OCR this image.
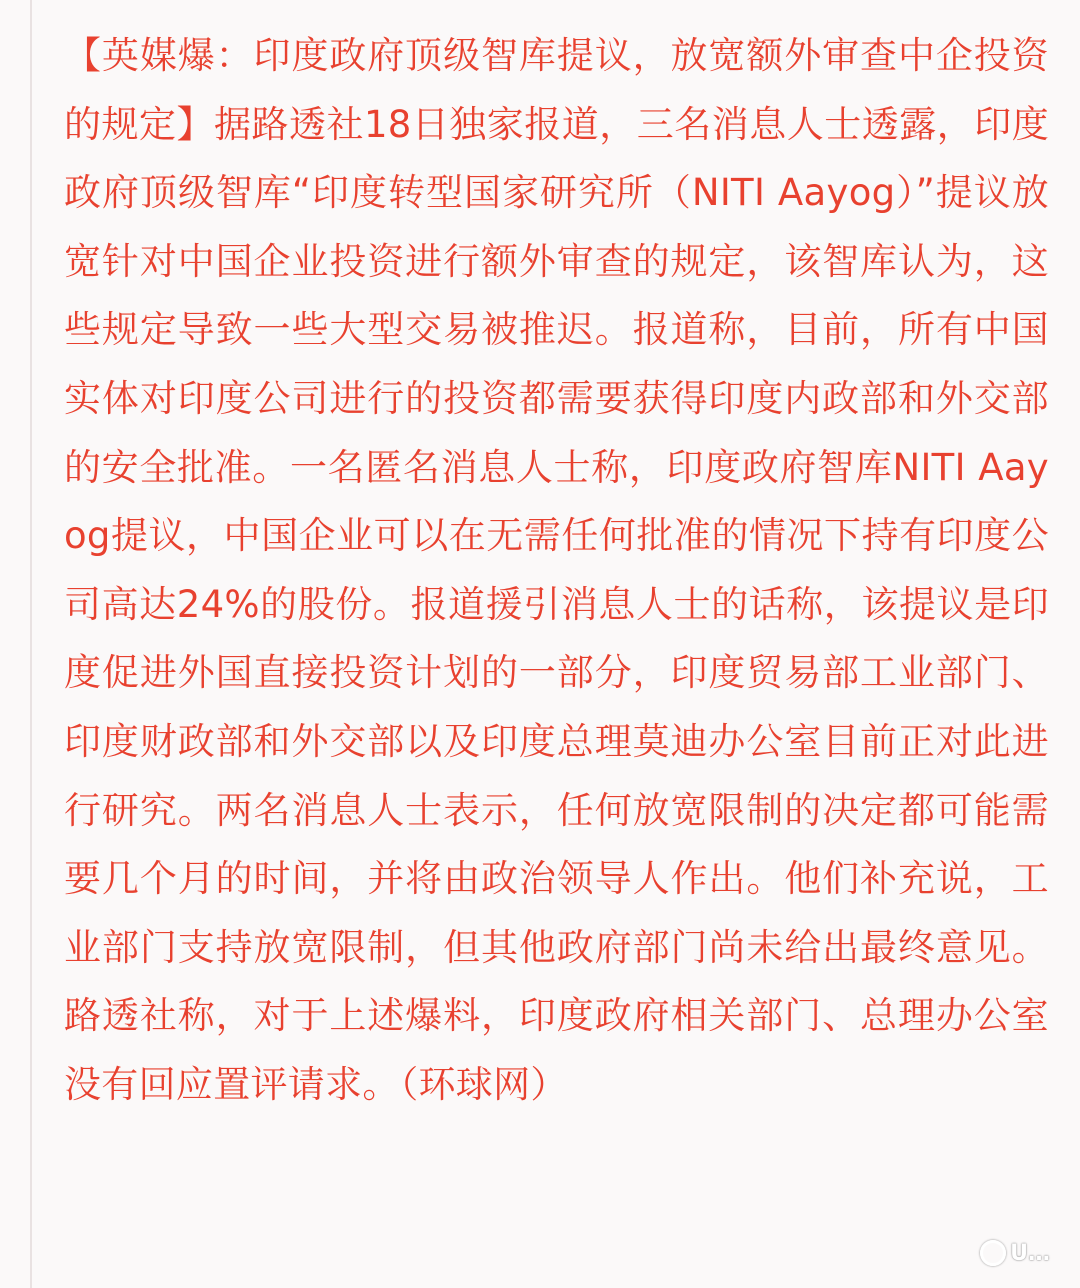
【英媒爆：印度政府顶级智库提议，放宽额外审查中企投资的规定】据路透社18日独家报道，三名消息人士透露，印度政府顶级智库“印度转型国家研究所（NITI Aayog）”提议放宽针对中国企业投资进行额外审查的规定，该智库认为，这些规定导致一些大型交易被推迟。报道称，目前，所有中国实体对印度公司进行的投资都需要获得印度内政部和外交部的安全批准。一名匿名消息人士称，印度政府智库NITI Aayog提议，中国企业可以在无需任何批准的情况下持有印度公司高达24%的股份。报道援引消息人士的话称，该提议是印度促进外国直接投资计划的一部分，印度贸易部工业部门、印度财政部和外交部以及印度总理莫迪办公室目前正对此进行研究。两名消息人士表示，任何放宽限制的决定都可能需要几个月的时间，并将由政治领导人作出。他们补充说，工业部门支持放宽限制，但其他政府部门尚未给出最终意见。路透社称，对于上述爆料，印度政府相关部门、总理办公室没有回应置评请求。（环球网）

U…
